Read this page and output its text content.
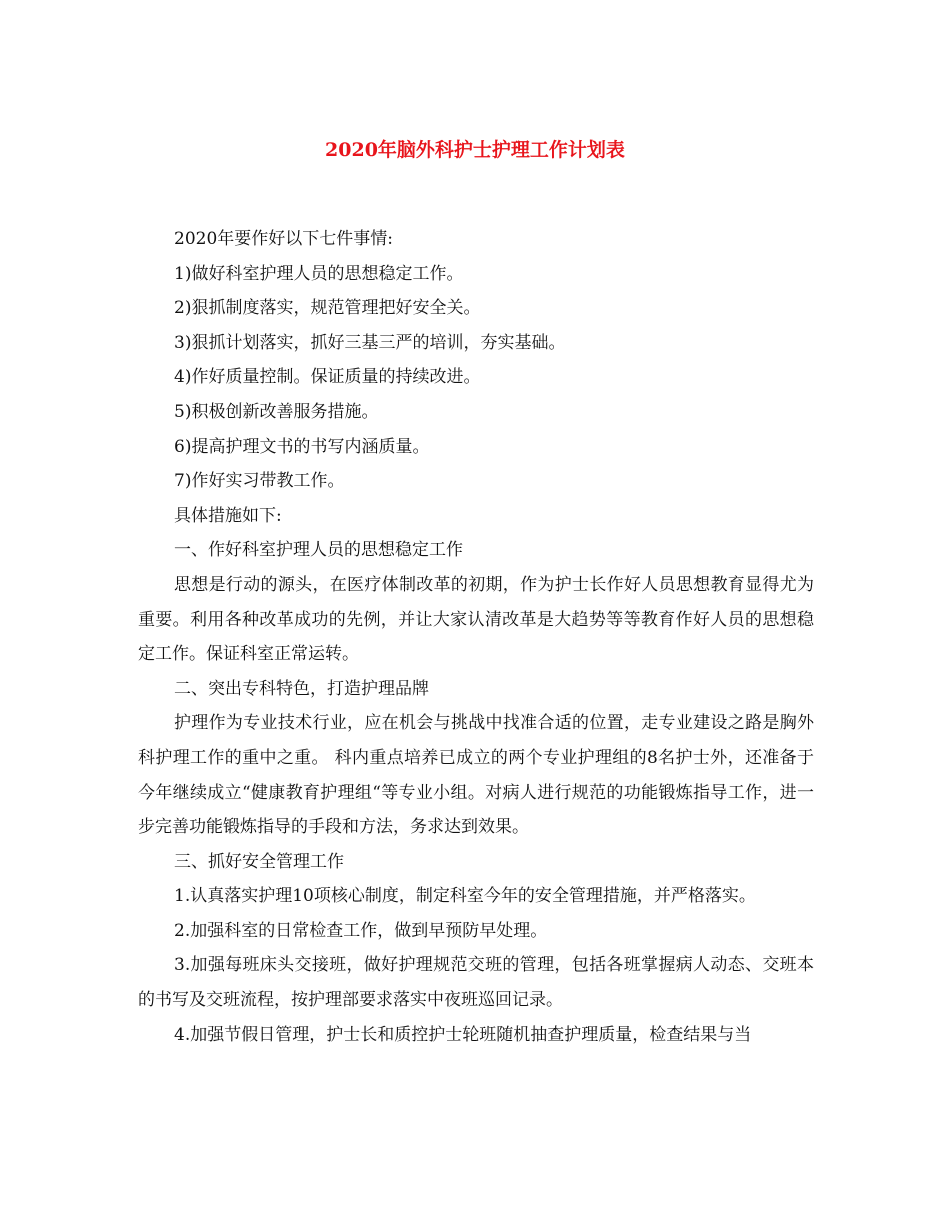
2020年脑外科护士护理工作计划表

2020年要作好以下七件事情:

1)做好科室护理人员的思想稳定工作。

2)狠抓制度落实，规范管理把好安全关。

3)狠抓计划落实，抓好三基三严的培训，夯实基础。

4)作好质量控制。保证质量的持续改进。

5)积极创新改善服务措施。

6)提高护理文书的书写内涵质量。

7)作好实习带教工作。

具体措施如下:

一、作好科室护理人员的思想稳定工作

思想是行动的源头，在医疗体制改革的初期，作为护士长作好人员思想教育显得尤为重要。利用各种改革成功的先例，并让大家认清改革是大趋势等等教育作好人员的思想稳定工作。保证科室正常运转。

二、突出专科特色，打造护理品牌

护理作为专业技术行业，应在机会与挑战中找准合适的位置，走专业建设之路是胸外科护理工作的重中之重。 科内重点培养已成立的两个专业护理组的8名护士外，还准备于今年继续成立“健康教育护理组“等专业小组。对病人进行规范的功能锻炼指导工作，进一步完善功能锻炼指导的手段和方法，务求达到效果。

三、抓好安全管理工作

1.认真落实护理10项核心制度，制定科室今年的安全管理措施，并严格落实。

2.加强科室的日常检查工作，做到早预防早处理。

3.加强每班床头交接班，做好护理规范交班的管理，包括各班掌握病人动态、交班本的书写及交班流程，按护理部要求落实中夜班巡回记录。

4.加强节假日管理，护士长和质控护士轮班随机抽查护理质量，检查结果与当
